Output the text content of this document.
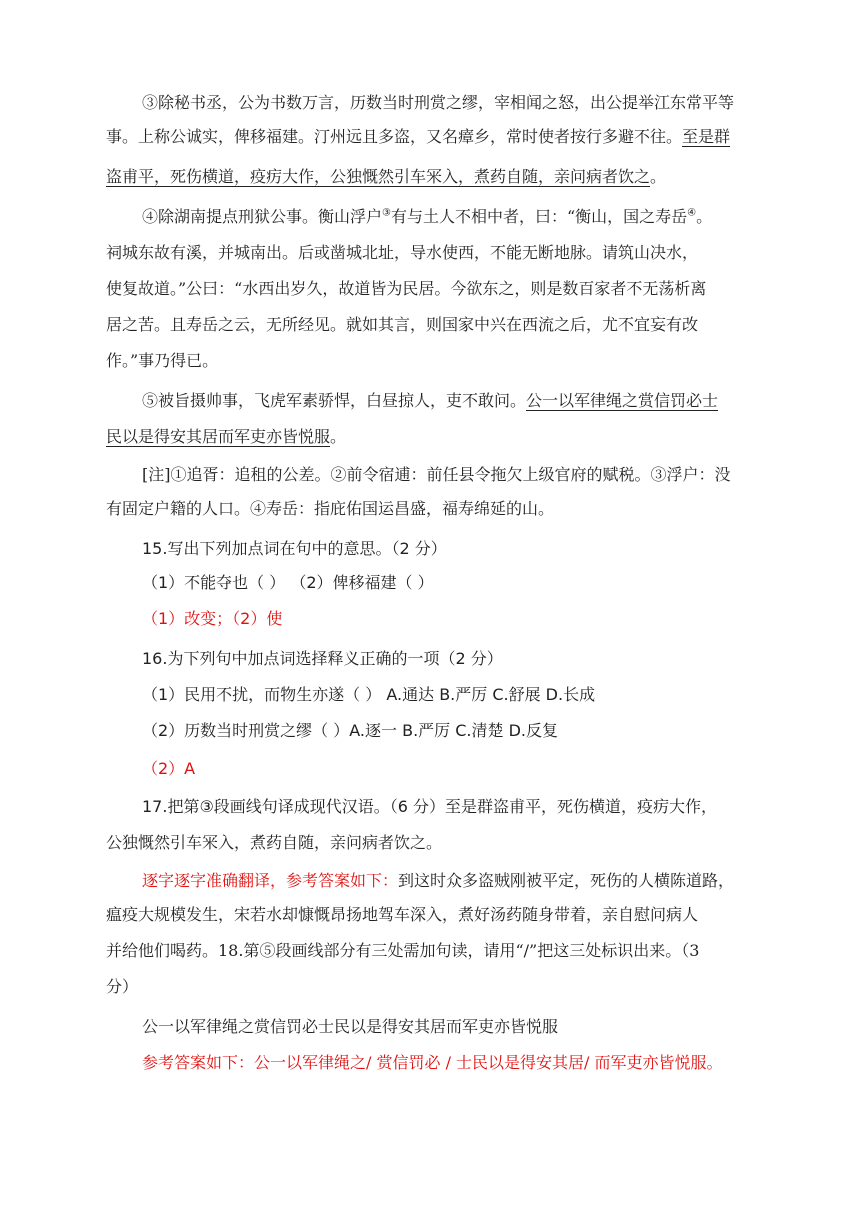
③除秘书丞，公为书数万言，历数当时刑赏之缪，宰相闻之怒，出公提举江东常平等
事。上称公诚实，俾移福建。汀州远且多盗，又名瘴乡，常时使者按行多避不往。至是群
盗甫平，死伤横道，疫疠大作，公独慨然引车冞入，煮药自随，亲问病者饮之。
④除湖南提点刑狱公事。衡山浮户③有与土人不相中者，曰：“衡山，国之寿岳④。
祠城东故有溪，并城南出。后或凿城北址，导水使西，不能无断地脉。请筑山决水，
使复故道。”公曰：“水西出岁久，故道皆为民居。今欲东之，则是数百家者不无荡析离
居之苦。且寿岳之云，无所经见。就如其言，则国家中兴在西流之后，尤不宜妄有改
作。”事乃得已。
⑤被旨摄帅事，飞虎军素骄悍，白昼掠人，吏不敢问。公一以军律绳之赏信罚必士
民以是得安其居而军吏亦皆悦服。
[注]①追胥：追租的公差。②前令宿逋：前任县令拖欠上级官府的赋税。③浮户：没
有固定户籍的人口。④寿岳：指庇佑国运昌盛，福寿绵延的山。
15.写出下列加点词在句中的意思。（2 分）
（1）不能夺也（ ） （2）俾移福建（ ）
（1）改变；（2）使
16.为下列句中加点词选择释义正确的一项（2 分）
（1）民用不扰，而物生亦遂（ ） A.通达 B.严厉 C.舒展 D.长成
（2）历数当时刑赏之缪（ ）A.逐一 B.严厉 C.清楚 D.反复
（2）A
17.把第③段画线句译成现代汉语。（6 分）至是群盗甫平，死伤横道，疫疠大作，
公独慨然引车冞入，煮药自随，亲问病者饮之。
逐字逐字准确翻译，参考答案如下：到这时众多盗贼刚被平定，死伤的人横陈道路，
瘟疫大规模发生，宋若水却慷慨昂扬地驾车深入，煮好汤药随身带着，亲自慰问病人
并给他们喝药。18.第⑤段画线部分有三处需加句读，请用“/”把这三处标识出来。（3
分）
公一以军律绳之赏信罚必士民以是得安其居而军吏亦皆悦服
参考答案如下：公一以军律绳之/ 赏信罚必 / 士民以是得安其居/ 而军吏亦皆悦服。
